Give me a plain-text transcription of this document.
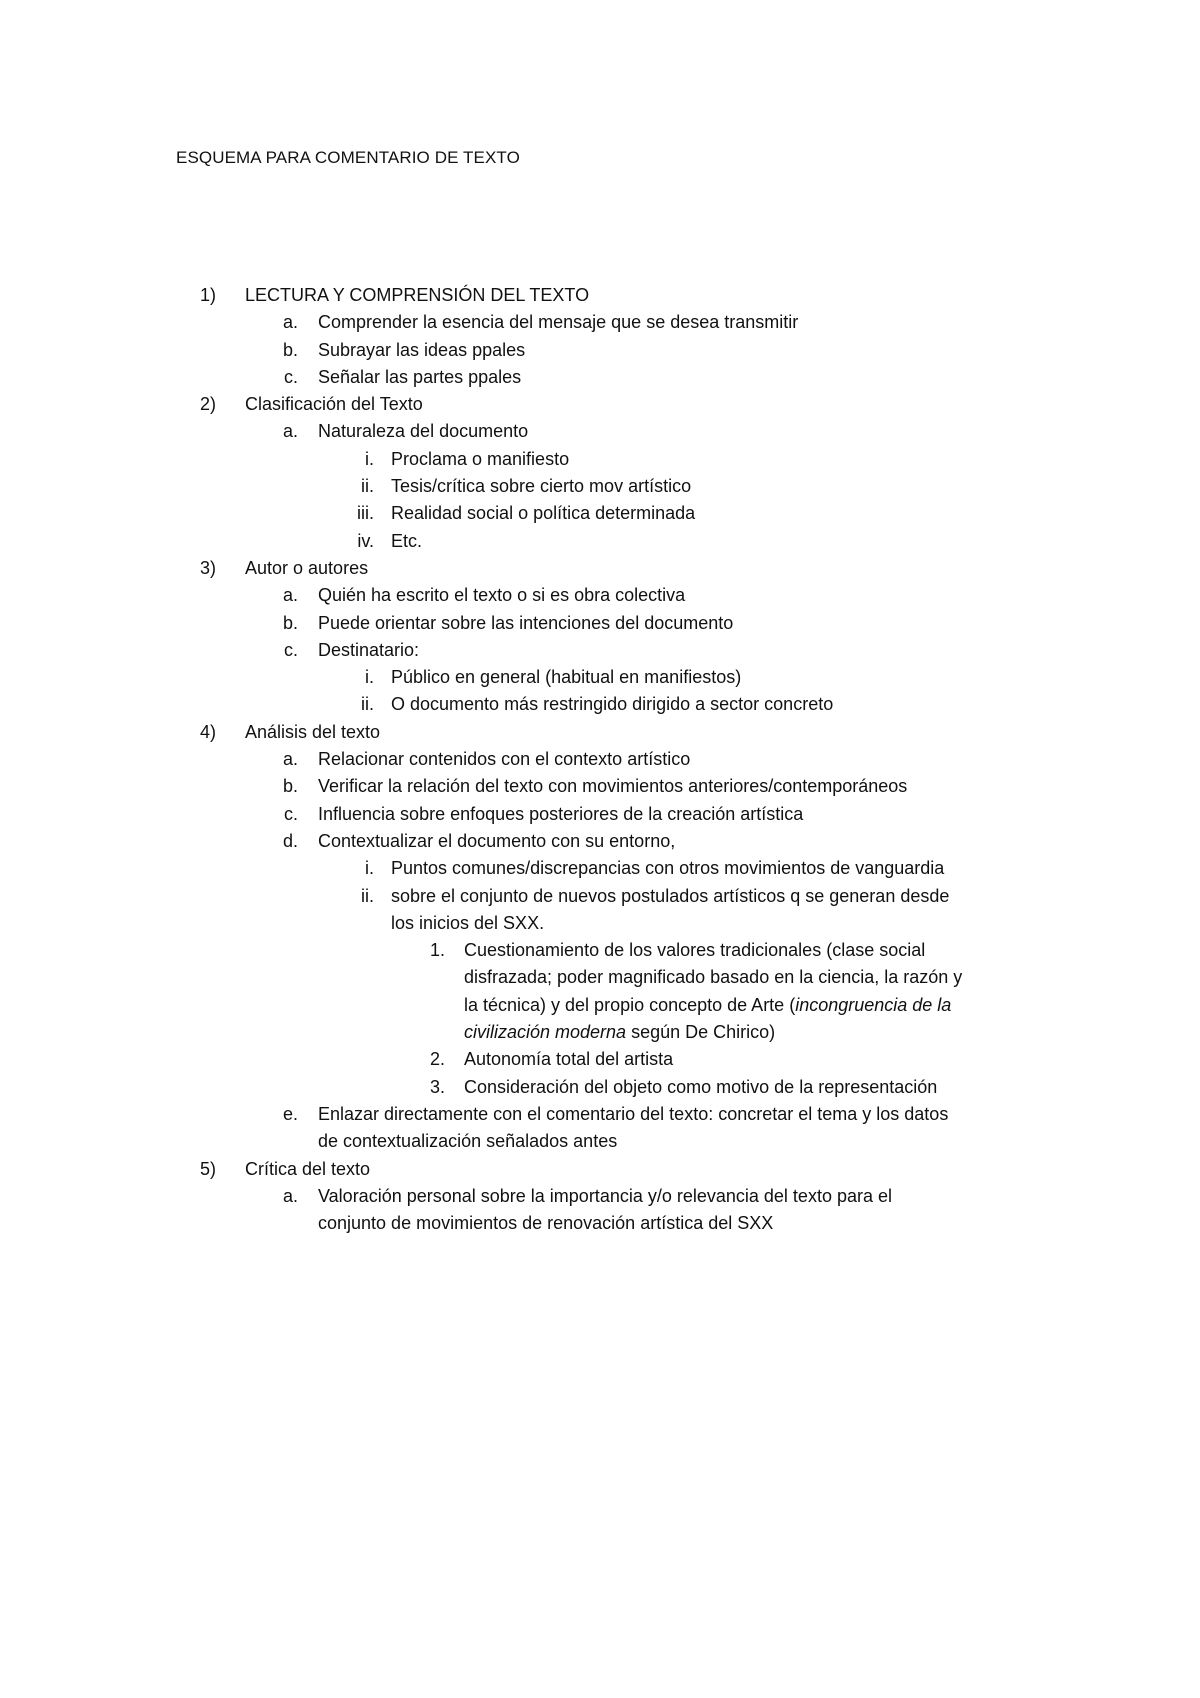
ESQUEMA PARA COMENTARIO DE TEXTO
1)	LECTURA Y COMPRENSIÓN DEL TEXTO
a. Comprender la esencia del mensaje que se desea transmitir
b. Subrayar las ideas ppales
c. Señalar las partes ppales
2)	Clasificación del Texto
a. Naturaleza del documento
i. Proclama o manifiesto
ii. Tesis/crítica sobre cierto mov artístico
iii. Realidad social o política determinada
iv. Etc.
3)	Autor o autores
a. Quién ha escrito el texto o si es obra colectiva
b. Puede orientar sobre las intenciones del documento
c. Destinatario:
i. Público en general (habitual en manifiestos)
ii. O documento más restringido dirigido a sector concreto
4)	Análisis del texto
a. Relacionar contenidos con el contexto artístico
b. Verificar la relación del texto con movimientos anteriores/contemporáneos
c. Influencia sobre enfoques posteriores de la creación artística
d. Contextualizar el documento con su entorno,
i. Puntos comunes/discrepancias con otros movimientos de vanguardia
ii. sobre el conjunto de nuevos postulados artísticos q se generan desde
los inicios del SXX.
1. Cuestionamiento de los valores tradicionales (clase social
disfrazada; poder magnificado basado en la ciencia, la razón y
la técnica) y del propio concepto de Arte (incongruencia de la
civilización moderna según De Chirico)
2. Autonomía total del artista
3. Consideración del objeto como motivo de la representación
e. Enlazar directamente con el comentario del texto: concretar el tema y los datos
de contextualización señalados antes
5)	Crítica del texto
a. Valoración personal sobre la importancia y/o relevancia del texto para el
conjunto de movimientos de renovación artística del SXX
